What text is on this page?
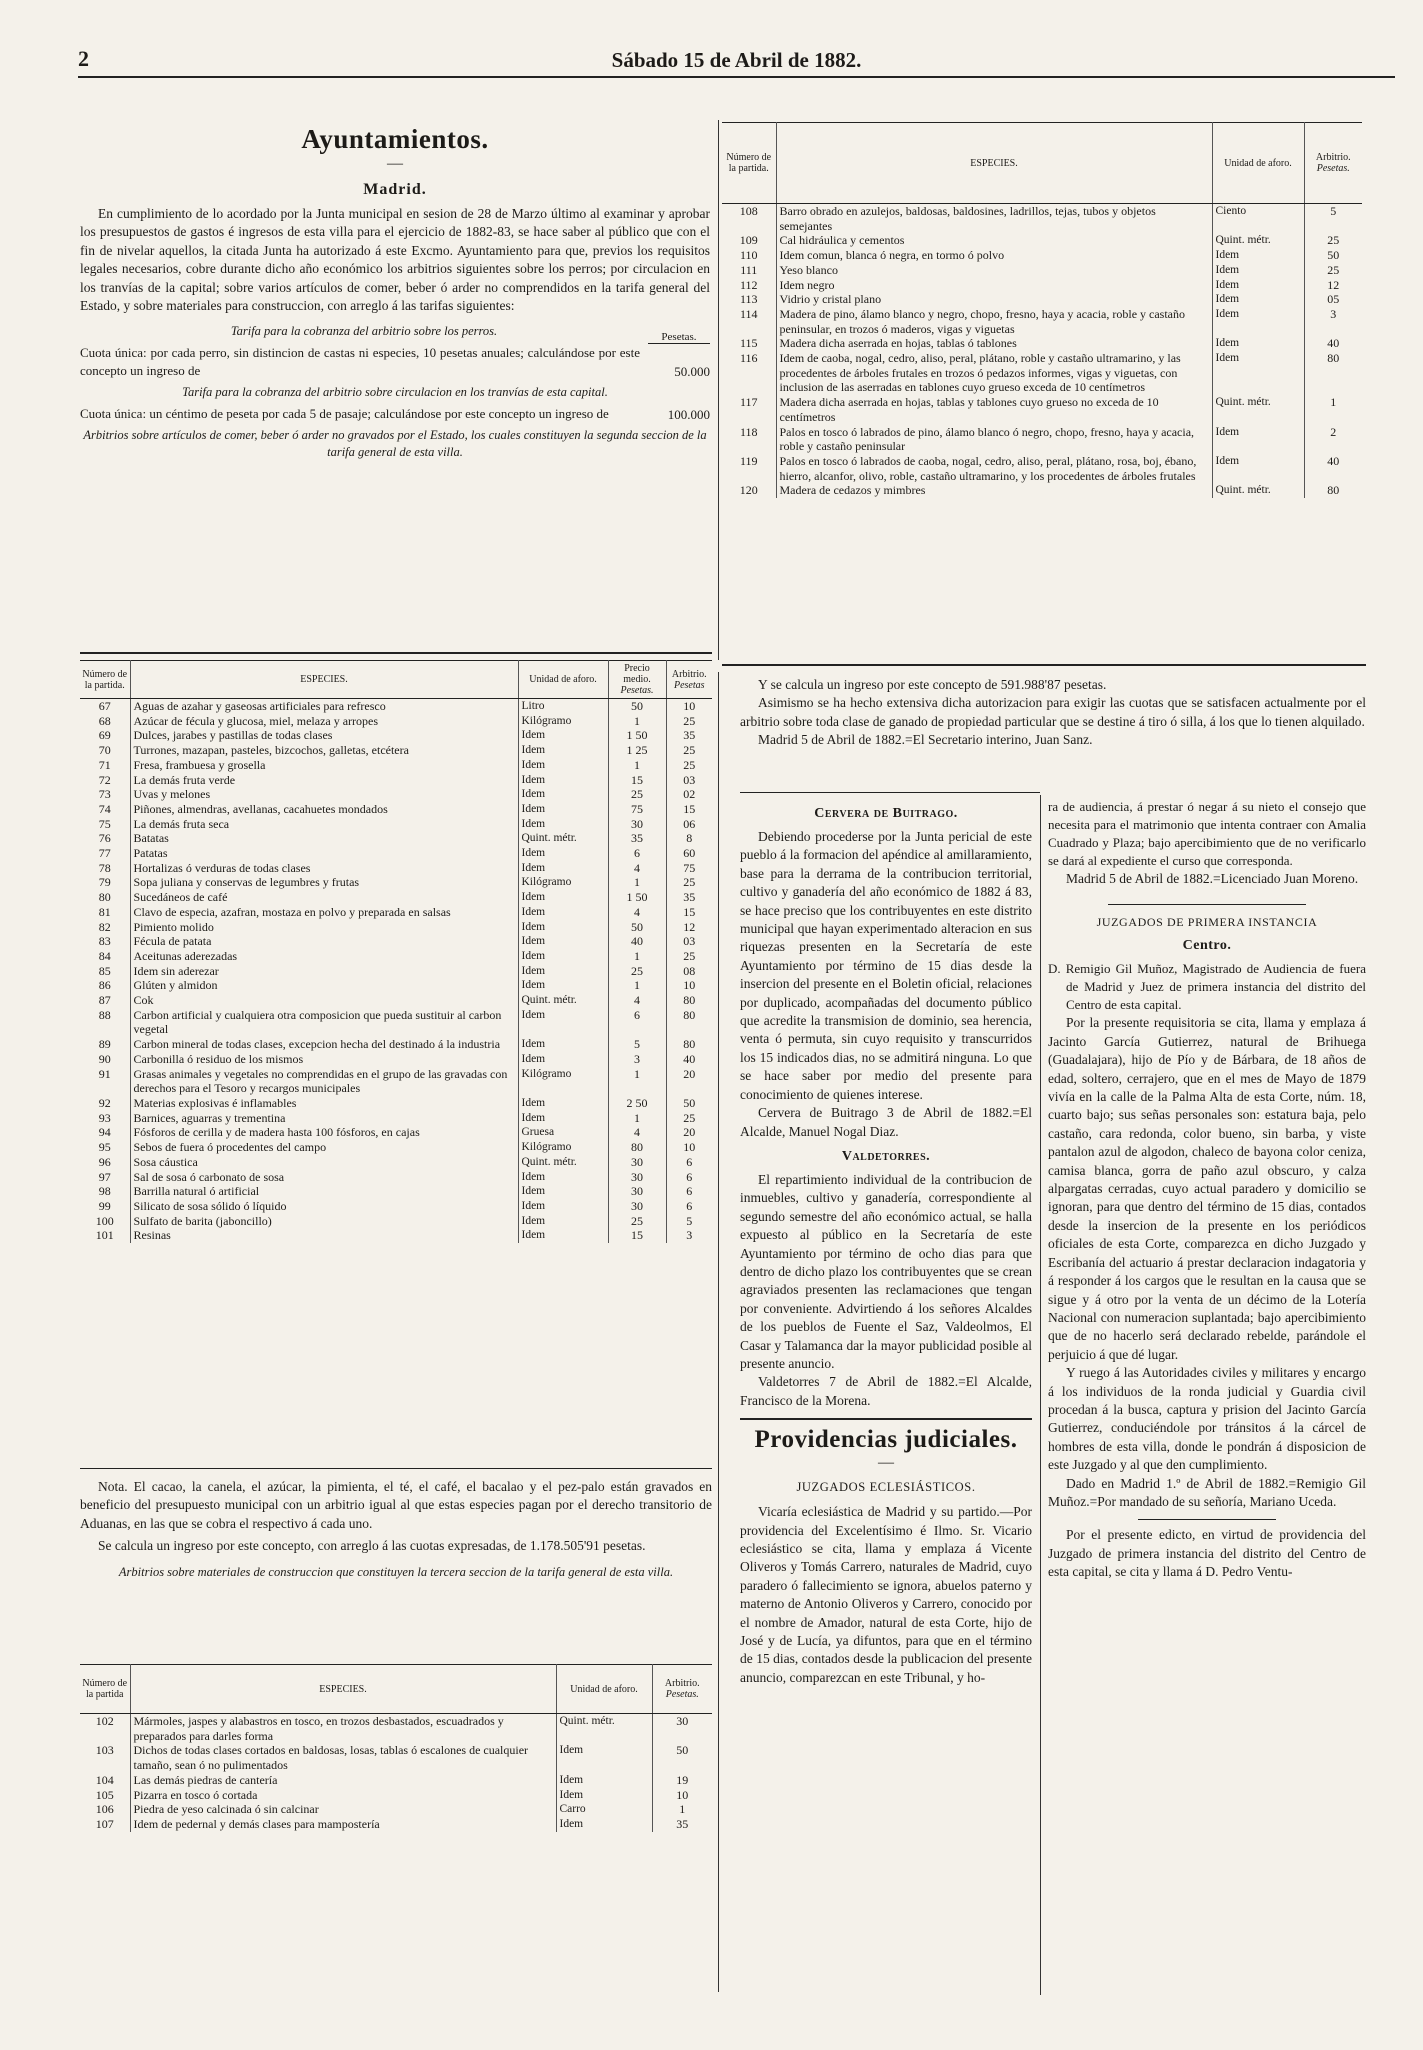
2	Sábado 15 de Abril de 1882.
Ayuntamientos.
—
Madrid.

En cumplimiento de lo acordado por la Junta municipal en sesion de 28 de Marzo último al examinar y aprobar los presupuestos de gastos é ingresos de esta villa para el ejercicio de 1882-83, se hace saber al público que con el fin de nivelar aquellos, la citada Junta ha autorizado á este Excmo. Ayuntamiento para que, previos los requisitos legales necesarios, cobre durante dicho año económico los arbitrios siguientes sobre los perros; por circulacion en los tranvías de la capital; sobre varios artículos de comer, beber ó arder no comprendidos en la tarifa general del Estado, y sobre materiales para construccion, con arreglo á las tarifas siguientes:

Tarifa para la cobranza del arbitrio sobre los perros.	Pesetas.

Cuota única: por cada perro, sin distincion de castas ni especies, 10 pesetas anuales; calculándose por este concepto un ingreso de	50.000

Tarifa para la cobranza del arbitrio sobre circulacion en los tranvías de esta capital.

Cuota única: un céntimo de peseta por cada 5 de pasaje; calculándose por este concepto un ingreso de	100.000

Arbitrios sobre artículos de comer, beber ó arder no gravados por el Estado, los cuales constituyen la segunda seccion de la tarifa general de esta villa.

Número de la partida.	ESPECIES.	Unidad de aforo.	Precio medio.
Pesetas.	Arbitrio.
Pesetas
67	Aguas de azahar y gaseosas artificiales para refresco	Litro	50	10
68	Azúcar de fécula y glucosa, miel, melaza y arropes	Kilógramo	1	25
69	Dulces, jarabes y pastillas de todas clases	Idem	1 50	35
70	Turrones, mazapan, pasteles, bizcochos, galletas, etcétera	Idem	1 25	25
71	Fresa, frambuesa y grosella	Idem	1	25
72	La demás fruta verde	Idem	15	03
73	Uvas y melones	Idem	25	02
74	Piñones, almendras, avellanas, cacahuetes mondados	Idem	75	15
75	La demás fruta seca	Idem	30	06
76	Batatas	Quint. métr.	35	8
77	Patatas	Idem	6	60
78	Hortalizas ó verduras de todas clases	Idem	4	75
79	Sopa juliana y conservas de legumbres y frutas	Kilógramo	1	25
80	Sucedáneos de café	Idem	1 50	35
81	Clavo de especia, azafran, mostaza en polvo y preparada en salsas	Idem	4	15
82	Pimiento molido	Idem	50	12
83	Fécula de patata	Idem	40	03
84	Aceitunas aderezadas	Idem	1	25
85	Idem sin aderezar	Idem	25	08
86	Glúten y almidon	Idem	1	10
87	Cok	Quint. métr.	4	80
88	Carbon artificial y cualquiera otra composicion que pueda sustituir al carbon vegetal	Idem	6	80
89	Carbon mineral de todas clases, excepcion hecha del destinado á la industria	Idem	5	80
90	Carbonilla ó residuo de los mismos	Idem	3	40
91	Grasas animales y vegetales no comprendidas en el grupo de las gravadas con derechos para el Tesoro y recargos municipales	Kilógramo	1	20
92	Materias explosivas é inflamables	Idem	2 50	50
93	Barnices, aguarras y trementina	Idem	1	25
94	Fósforos de cerilla y de madera hasta 100 fósforos, en cajas	Gruesa	4	20
95	Sebos de fuera ó procedentes del campo	Kilógramo	80	10
96	Sosa cáustica	Quint. métr.	30	6
97	Sal de sosa ó carbonato de sosa	Idem	30	6
98	Barrilla natural ó artificial	Idem	30	6
99	Silicato de sosa sólido ó líquido	Idem	30	6
100	Sulfato de barita (jaboncillo)	Idem	25	5
101	Resinas	Idem	15	3

Nota. El cacao, la canela, el azúcar, la pimienta, el té, el café, el bacalao y el pez-palo están gravados en beneficio del presupuesto municipal con un arbitrio igual al que estas especies pagan por el derecho transitorio de Aduanas, en las que se cobra el respectivo á cada uno.

Se calcula un ingreso por este concepto, con arreglo á las cuotas expresadas, de 1.178.505'91 pesetas.

Arbitrios sobre materiales de construccion que constituyen la tercera seccion de la tarifa general de esta villa.

Número de la partida	ESPECIES.	Unidad de aforo.	Arbitrio.
Pesetas.
102	Mármoles, jaspes y alabastros en tosco, en trozos desbastados, escuadrados y preparados para darles forma	Quint. métr.	30
103	Dichos de todas clases cortados en baldosas, losas, tablas ó escalones de cualquier tamaño, sean ó no pulimentados	Idem	50
104	Las demás piedras de cantería	Idem	19
105	Pizarra en tosco ó cortada	Idem	10
106	Piedra de yeso calcinada ó sin calcinar	Carro	1
107	Idem de pedernal y demás clases para mampostería	Idem	35
Número de la partida.	ESPECIES.	Unidad de aforo.	Arbitrio.
Pesetas.
108	Barro obrado en azulejos, baldosas, baldosines, ladrillos, tejas, tubos y objetos semejantes	Ciento	5
109	Cal hidráulica y cementos	Quint. métr.	25
110	Idem comun, blanca ó negra, en tormo ó polvo	Idem	50
111	Yeso blanco	Idem	25
112	Idem negro	Idem	12
113	Vidrio y cristal plano	Idem	05
114	Madera de pino, álamo blanco y negro, chopo, fresno, haya y acacia, roble y castaño peninsular, en trozos ó maderos, vigas y viguetas	Idem	3
115	Madera dicha aserrada en hojas, tablas ó tablones	Idem	40
116	Idem de caoba, nogal, cedro, aliso, peral, plátano, roble y castaño ultramarino, y las procedentes de árboles frutales en trozos ó pedazos informes, vigas y viguetas, con inclusion de las aserradas en tablones cuyo grueso exceda de 10 centímetros	Idem	80
117	Madera dicha aserrada en hojas, tablas y tablones cuyo grueso no exceda de 10 centímetros	Quint. métr.	1
118	Palos en tosco ó labrados de pino, álamo blanco ó negro, chopo, fresno, haya y acacia, roble y castaño peninsular	Idem	2
119	Palos en tosco ó labrados de caoba, nogal, cedro, aliso, peral, plátano, rosa, boj, ébano, hierro, alcanfor, olivo, roble, castaño ultramarino, y los procedentes de árboles frutales	Idem	40
120	Madera de cedazos y mimbres	Quint. métr.	80

Y se calcula un ingreso por este concepto de 591.988'87 pesetas.

Asimismo se ha hecho extensiva dicha autorizacion para exigir las cuotas que se satisfacen actualmente por el arbitrio sobre toda clase de ganado de propiedad particular que se destine á tiro ó silla, á los que lo tienen alquilado.

Madrid 5 de Abril de 1882.=El Secretario interino, Juan Sanz.

Cervera de Buitrago.

Debiendo procederse por la Junta pericial de este pueblo á la formacion del apéndice al amillaramiento, base para la derrama de la contribucion territorial, cultivo y ganadería del año económico de 1882 á 83, se hace preciso que los contribuyentes en este distrito municipal que hayan experimentado alteracion en sus riquezas presenten en la Secretaría de este Ayuntamiento por término de 15 dias desde la insercion del presente en el Boletin oficial, relaciones por duplicado, acompañadas del documento público que acredite la transmision de dominio, sea herencia, venta ó permuta, sin cuyo requisito y transcurridos los 15 indicados dias, no se admitirá ninguna. Lo que se hace saber por medio del presente para conocimiento de quienes interese.

Cervera de Buitrago 3 de Abril de 1882.=El Alcalde, Manuel Nogal Diaz.

Valdetorres.

El repartimiento individual de la contribucion de inmuebles, cultivo y ganadería, correspondiente al segundo semestre del año económico actual, se halla expuesto al público en la Secretaría de este Ayuntamiento por término de ocho dias para que dentro de dicho plazo los contribuyentes que se crean agraviados presenten las reclamaciones que tengan por conveniente. Advirtiendo á los señores Alcaldes de los pueblos de Fuente el Saz, Valdeolmos, El Casar y Talamanca dar la mayor publicidad posible al presente anuncio.

Valdetorres 7 de Abril de 1882.=El Alcalde, Francisco de la Morena.

Providencias judiciales.
—
JUZGADOS ECLESIÁSTICOS.

Vicaría eclesiástica de Madrid y su partido.—Por providencia del Excelentísimo é Ilmo. Sr. Vicario eclesiástico se cita, llama y emplaza á Vicente Oliveros y Tomás Carrero, naturales de Madrid, cuyo paradero ó fallecimiento se ignora, abuelos paterno y materno de Antonio Oliveros y Carrero, conocido por el nombre de Amador, natural de esta Corte, hijo de José y de Lucía, ya difuntos, para que en el término de 15 dias, contados desde la publicacion del presente anuncio, comparezcan en este Tribunal, y ho-

ra de audiencia, á prestar ó negar á su nieto el consejo que necesita para el matrimonio que intenta contraer con Amalia Cuadrado y Plaza; bajo apercibimiento que de no verificarlo se dará al expediente el curso que corresponda.

Madrid 5 de Abril de 1882.=Licenciado Juan Moreno.

JUZGADOS DE PRIMERA INSTANCIA
Centro.

D. Remigio Gil Muñoz, Magistrado de Audiencia de fuera de Madrid y Juez de primera instancia del distrito del Centro de esta capital.

Por la presente requisitoria se cita, llama y emplaza á Jacinto García Gutierrez, natural de Brihuega (Guadalajara), hijo de Pío y de Bárbara, de 18 años de edad, soltero, cerrajero, que en el mes de Mayo de 1879 vivía en la calle de la Palma Alta de esta Corte, núm. 18, cuarto bajo; sus señas personales son: estatura baja, pelo castaño, cara redonda, color bueno, sin barba, y viste pantalon azul de algodon, chaleco de bayona color ceniza, camisa blanca, gorra de paño azul obscuro, y calza alpargatas cerradas, cuyo actual paradero y domicilio se ignoran, para que dentro del término de 15 dias, contados desde la insercion de la presente en los periódicos oficiales de esta Corte, comparezca en dicho Juzgado y Escribanía del actuario á prestar declaracion indagatoria y á responder á los cargos que le resultan en la causa que se sigue y á otro por la venta de un décimo de la Lotería Nacional con numeracion suplantada; bajo apercibimiento que de no hacerlo será declarado rebelde, parándole el perjuicio á que dé lugar.

Y ruego á las Autoridades civiles y militares y encargo á los individuos de la ronda judicial y Guardia civil procedan á la busca, captura y prision del Jacinto García Gutierrez, conduciéndole por tránsitos á la cárcel de hombres de esta villa, donde le pondrán á disposicion de este Juzgado y al que den cumplimiento.

Dado en Madrid 1.º de Abril de 1882.=Remigio Gil Muñoz.=Por mandado de su señoría, Mariano Uceda.

Por el presente edicto, en virtud de providencia del Juzgado de primera instancia del distrito del Centro de esta capital, se cita y llama á D. Pedro Ventu-
